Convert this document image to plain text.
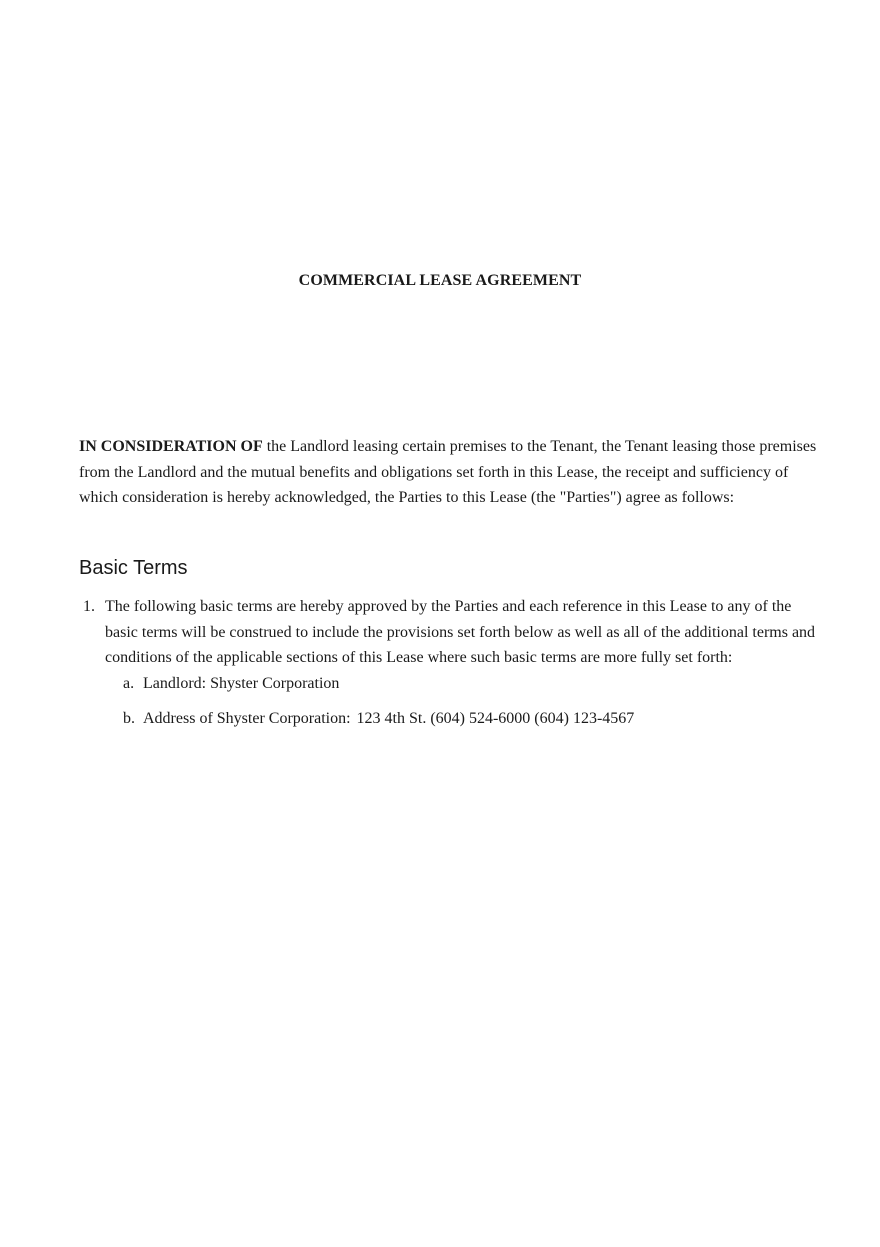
COMMERCIAL LEASE AGREEMENT

IN CONSIDERATION OF the Landlord leasing certain premises to the Tenant, the Tenant leasing those premises from the Landlord and the mutual benefits and obligations set forth in this Lease, the receipt and sufficiency of which consideration is hereby acknowledged, the Parties to this Lease (the "Parties") agree as follows:

Basic Terms
1. The following basic terms are hereby approved by the Parties and each reference in this Lease to any of the basic terms will be construed to include the provisions set forth below as well as all of the additional terms and conditions of the applicable sections of this Lease where such basic terms are more fully set forth:
a. Landlord: Shyster Corporation
b. Address of Shyster Corporation: 123 4th St. (604) 524-6000 (604) 123-4567
